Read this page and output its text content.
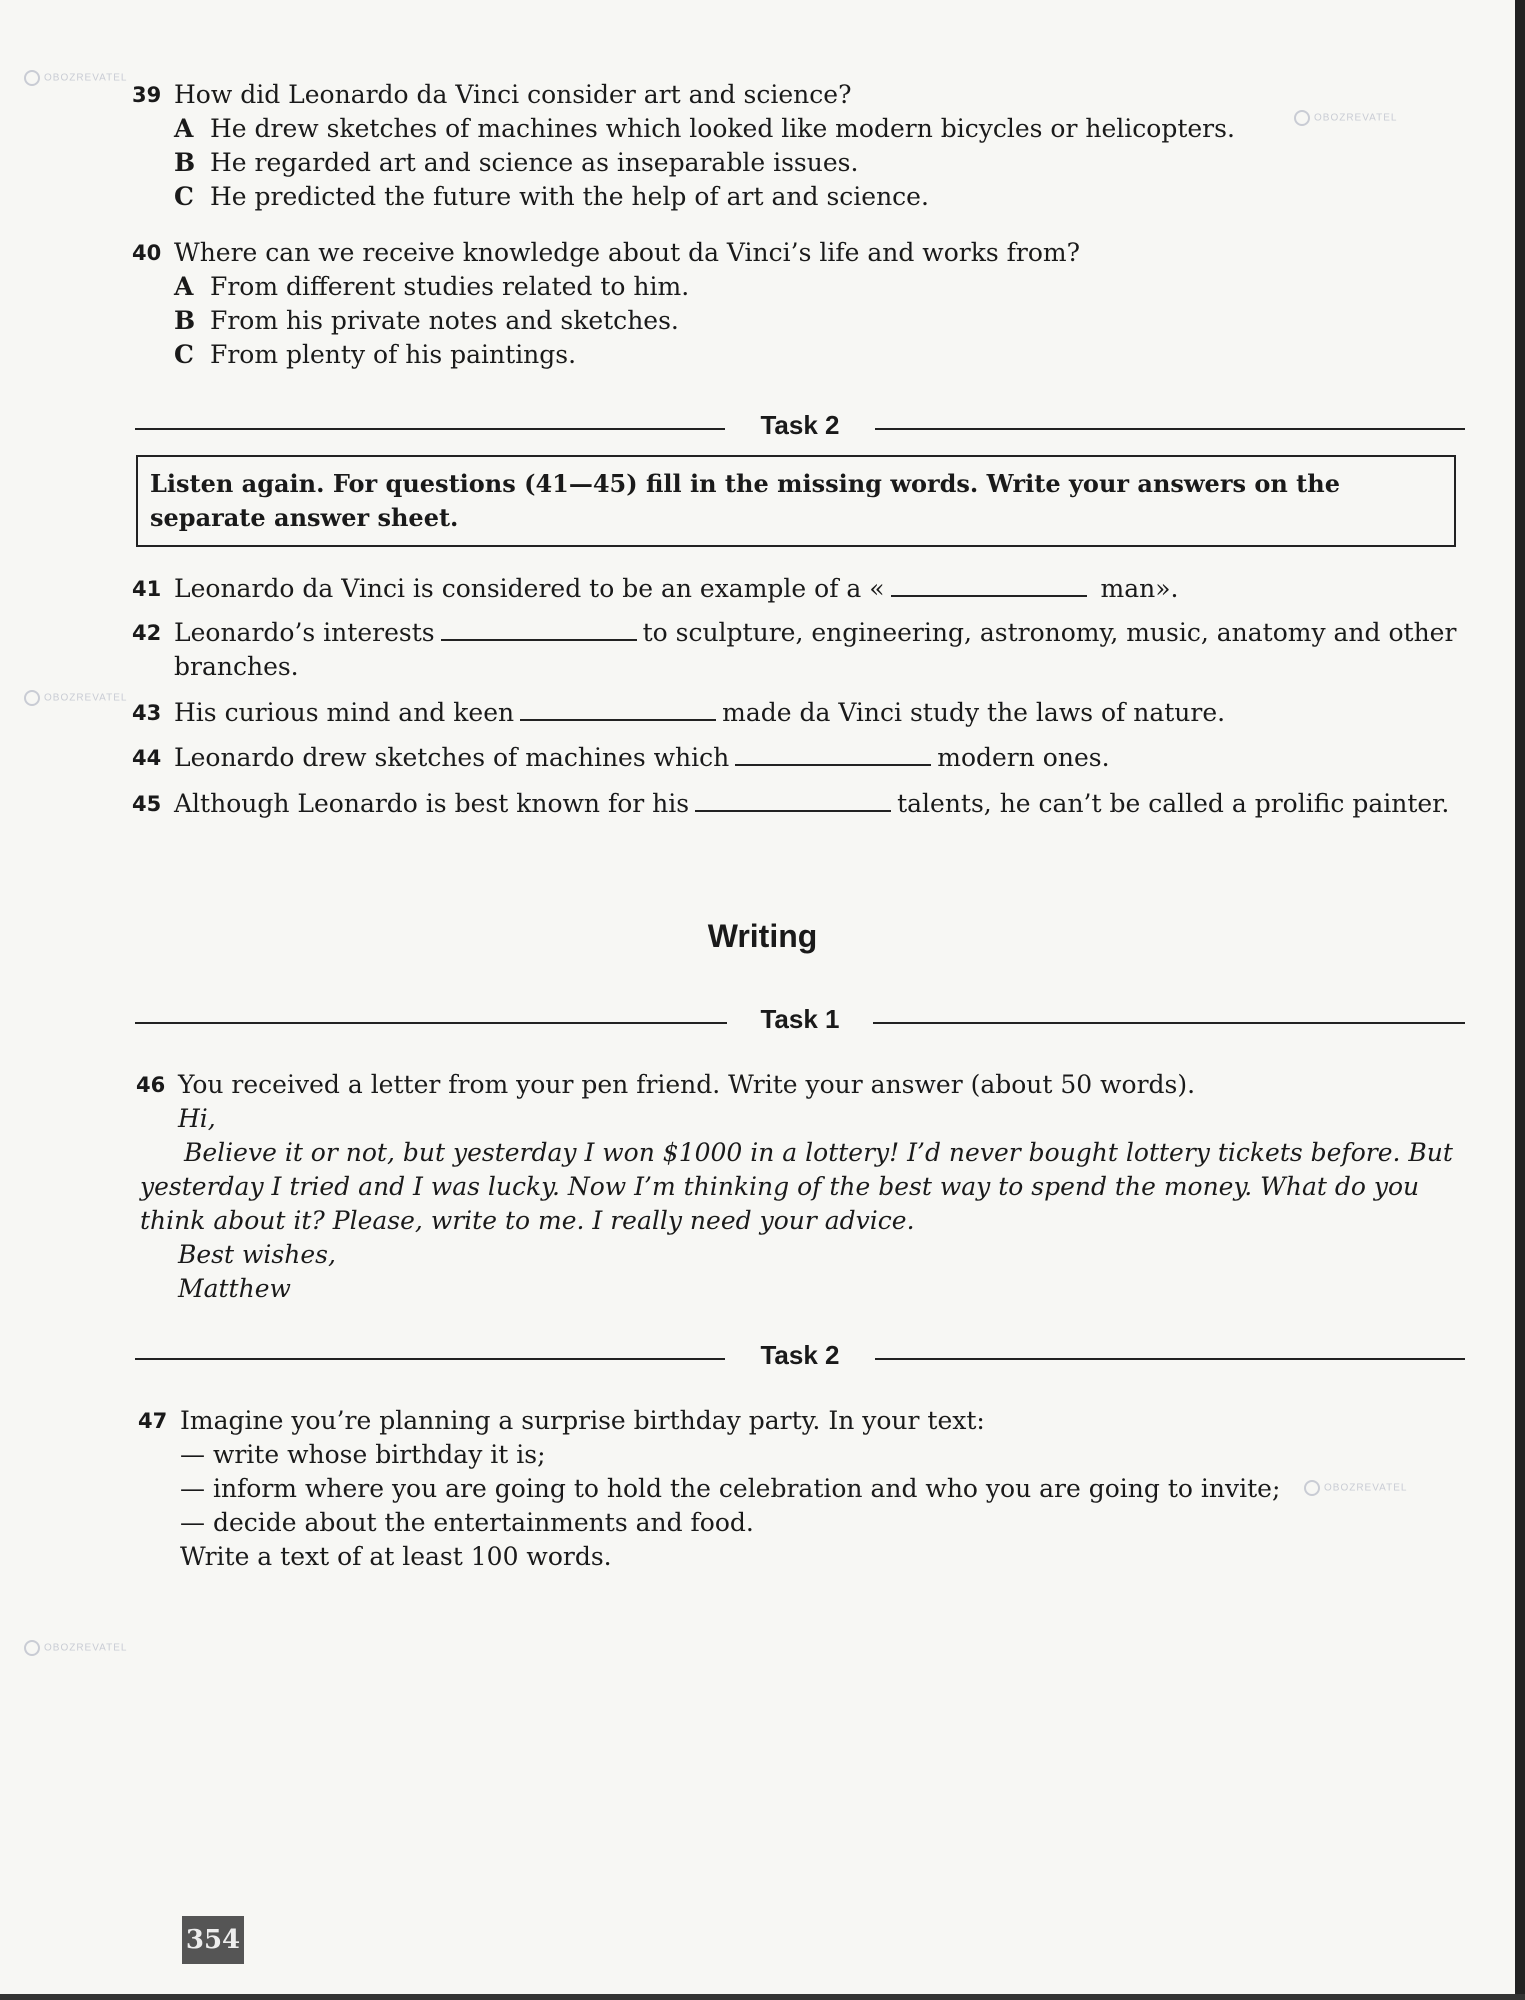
39 How did Leonardo da Vinci consider art and science?
A He drew sketches of machines which looked like modern bicycles or helicopters.
B He regarded art and science as inseparable issues.
C He predicted the future with the help of art and science.
40 Where can we receive knowledge about da Vinci’s life and works from?
A From different studies related to him.
B From his private notes and sketches.
C From plenty of his paintings.
Task 2
Listen again. For questions (41—45) fill in the missing words. Write your answers on the separate answer sheet.
41 Leonardo da Vinci is considered to be an example of a «	man».
42 Leonardo’s interests	to sculpture, engineering, astronomy, music, anatomy and other branches.
43 His curious mind and keen	made da Vinci study the laws of nature.
44 Leonardo drew sketches of machines which	modern ones.
45 Although Leonardo is best known for his	talents, he can’t be called a prolific painter.
Writing
Task 1
46 You received a letter from your pen friend. Write your answer (about 50 words).
Hi,
Believe it or not, but yesterday I won $1000 in a lottery! I’d never bought lottery tickets before. But yesterday I tried and I was lucky. Now I’m thinking of the best way to spend the money. What do you think about it? Please, write to me. I really need your advice.
Best wishes,
Matthew
Task 2
47 Imagine you’re planning a surprise birthday party. In your text:
— write whose birthday it is;
— inform where you are going to hold the celebration and who you are going to invite;
— decide about the entertainments and food.
Write a text of at least 100 words.
OBOZREVATEL
OBOZREVATEL
OBOZREVATEL
OBOZREVATEL
OBOZREVATEL
354
